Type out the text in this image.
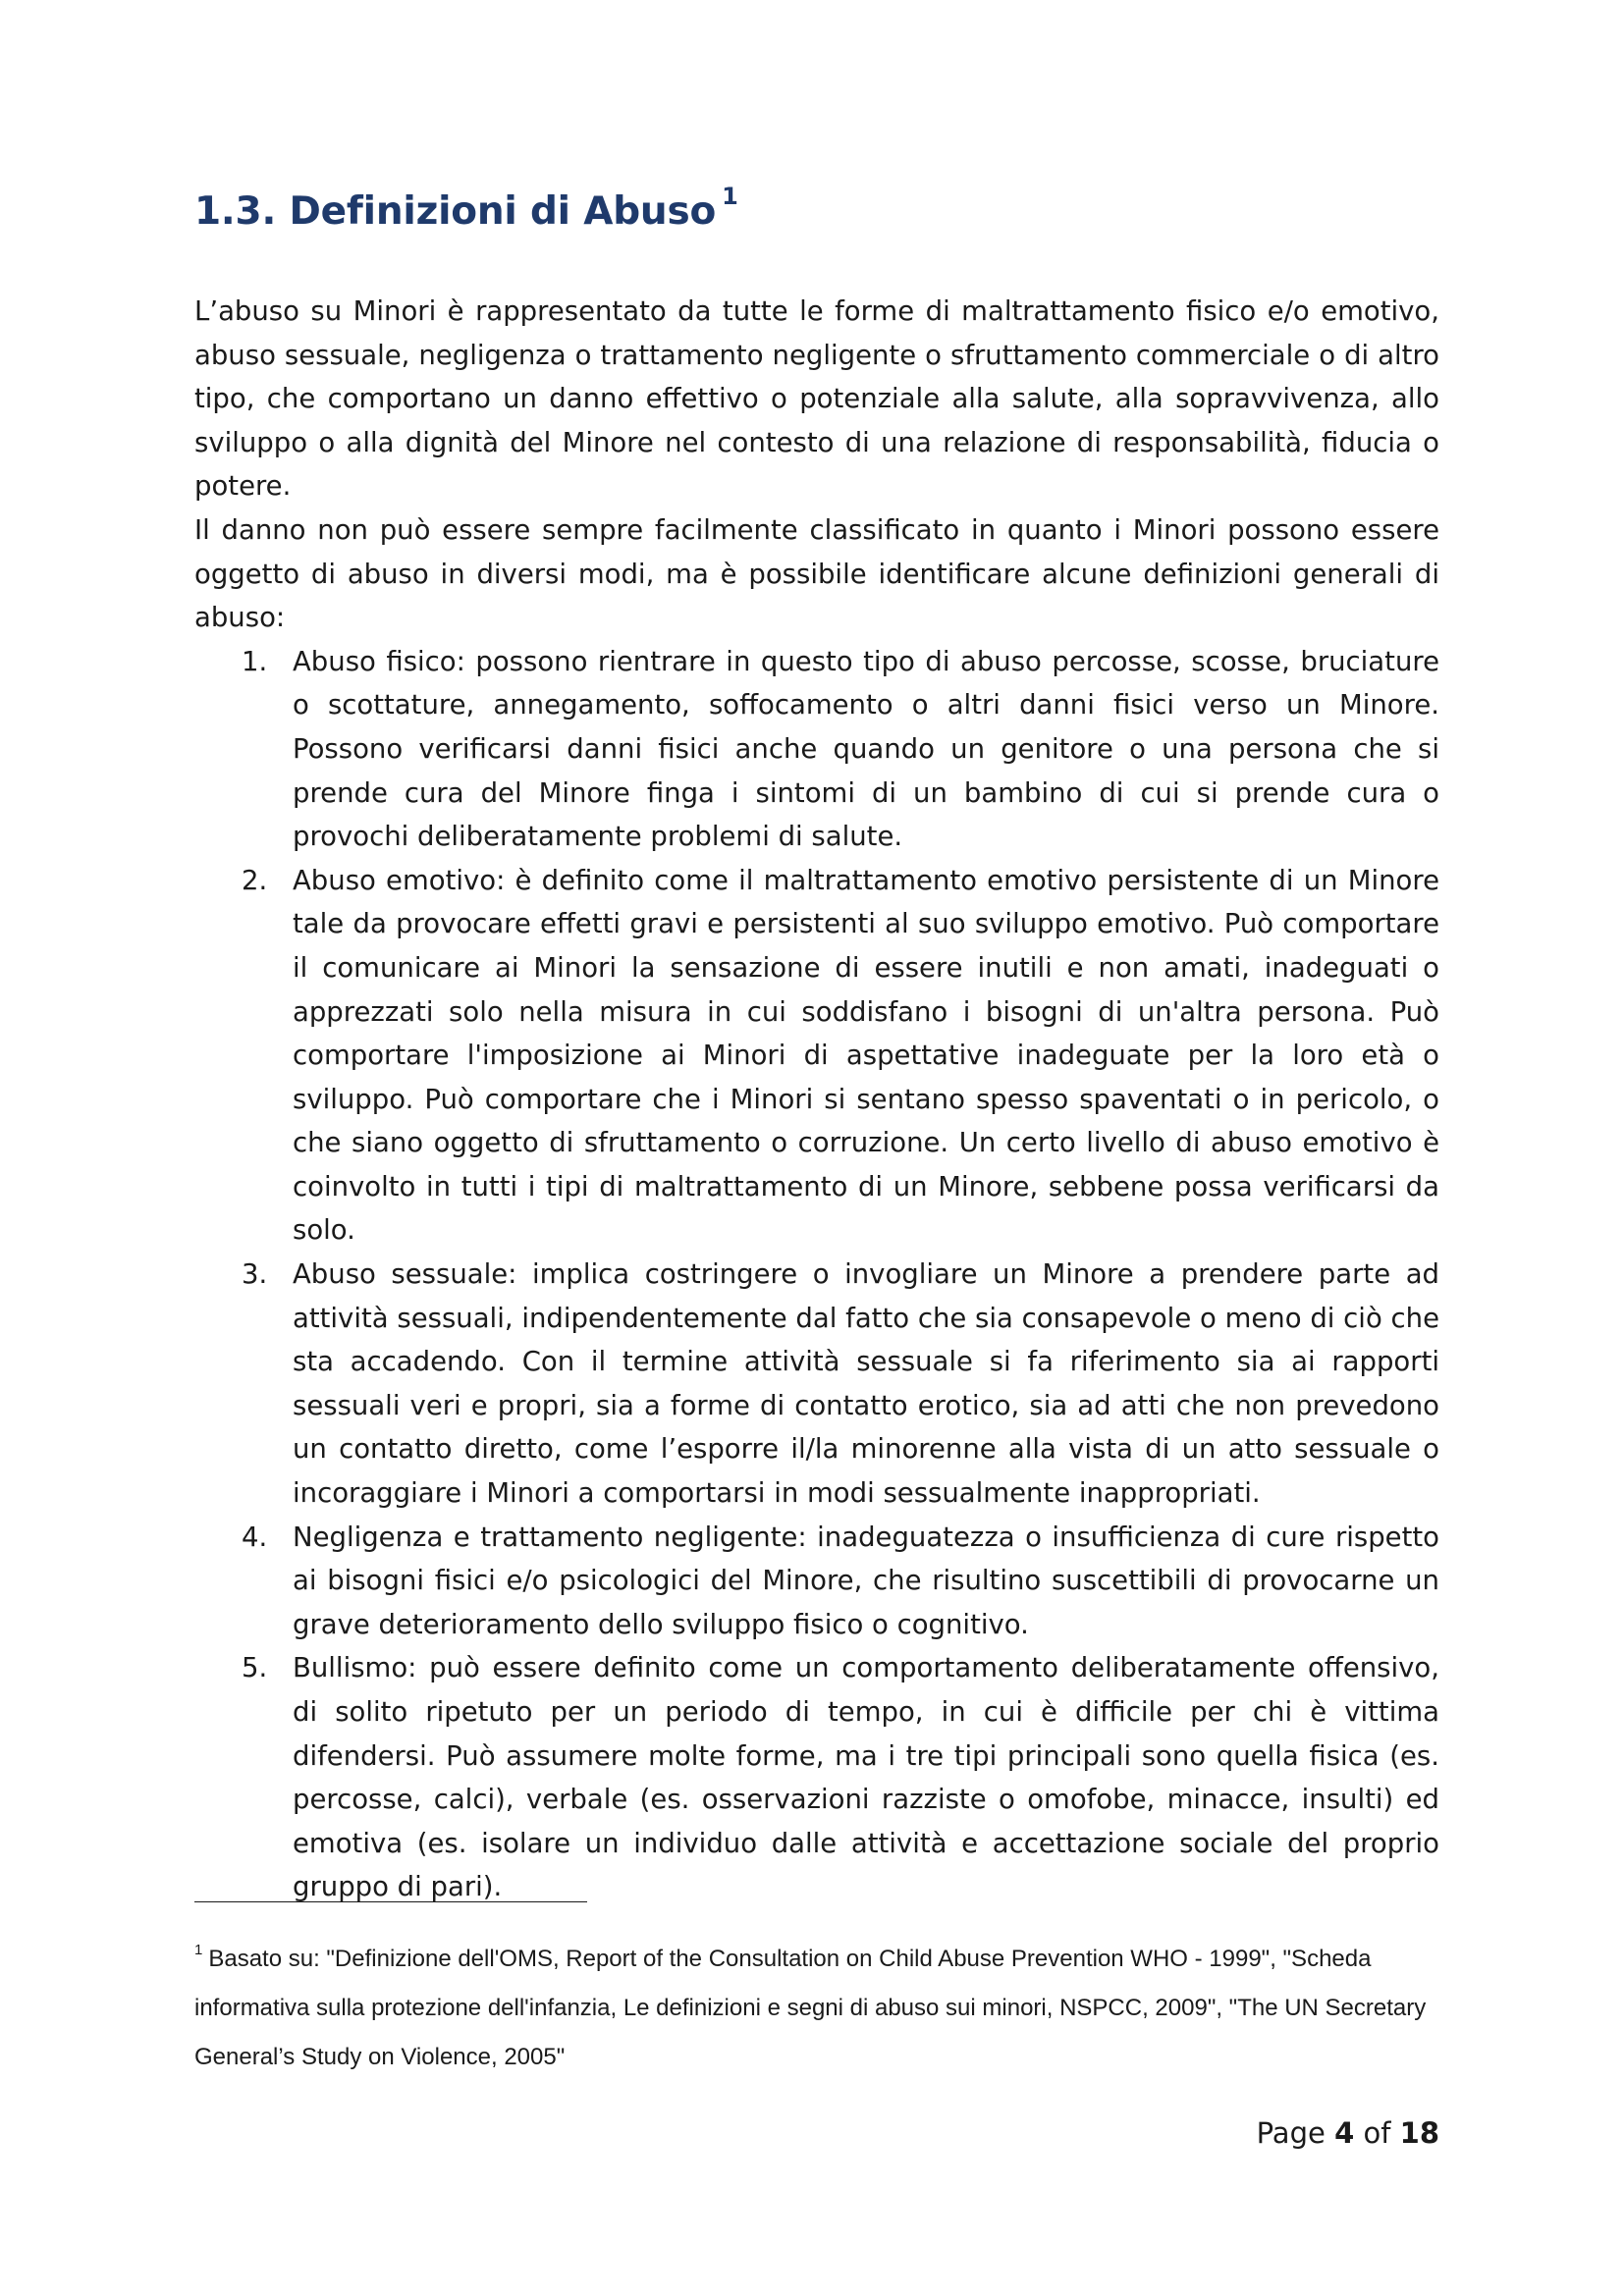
1.3. Definizioni di Abuso $^1$

L’abuso su Minori è rappresentato da tutte le forme di maltrattamento fisico e/o emotivo, abuso sessuale, negligenza o trattamento negligente o sfruttamento commerciale o di altro tipo, che comportano un danno effettivo o potenziale alla salute, alla sopravvivenza, allo sviluppo o alla dignità del Minore nel contesto di una relazione di responsabilità, fiducia o potere.

Il danno non può essere sempre facilmente classificato in quanto i Minori possono essere oggetto di abuso in diversi modi, ma è possibile identificare alcune definizioni generali di abuso:

1. Abuso fisico: possono rientrare in questo tipo di abuso percosse, scosse, bruciature o scottature, annegamento, soffocamento o altri danni fisici verso un Minore. Possono verificarsi danni fisici anche quando un genitore o una persona che si prende cura del Minore finga i sintomi di un bambino di cui si prende cura o provochi deliberatamente problemi di salute.
2. Abuso emotivo: è definito come il maltrattamento emotivo persistente di un Minore tale da provocare effetti gravi e persistenti al suo sviluppo emotivo. Può comportare il comunicare ai Minori la sensazione di essere inutili e non amati, inadeguati o apprezzati solo nella misura in cui soddisfano i bisogni di un'altra persona. Può comportare l'imposizione ai Minori di aspettative inadeguate per la loro età o sviluppo. Può comportare che i Minori si sentano spesso spaventati o in pericolo, o che siano oggetto di sfruttamento o corruzione. Un certo livello di abuso emotivo è coinvolto in tutti i tipi di maltrattamento di un Minore, sebbene possa verificarsi da solo.
3. Abuso sessuale: implica costringere o invogliare un Minore a prendere parte ad attività sessuali, indipendentemente dal fatto che sia consapevole o meno di ciò che sta accadendo. Con il termine attività sessuale si fa riferimento sia ai rapporti sessuali veri e propri, sia a forme di contatto erotico, sia ad atti che non prevedono un contatto diretto, come l’esporre il/la minorenne alla vista di un atto sessuale o incoraggiare i Minori a comportarsi in modi sessualmente inappropriati.
4. Negligenza e trattamento negligente: inadeguatezza o insufficienza di cure rispetto ai bisogni fisici e/o psicologici del Minore, che risultino suscettibili di provocarne un grave deterioramento dello sviluppo fisico o cognitivo.
5. Bullismo: può essere definito come un comportamento deliberatamente offensivo, di solito ripetuto per un periodo di tempo, in cui è difficile per chi è vittima difendersi. Può assumere molte forme, ma i tre tipi principali sono quella fisica (es. percosse, calci), verbale (es. osservazioni razziste o omofobe, minacce, insulti) ed emotiva (es. isolare un individuo dalle attività e accettazione sociale del proprio gruppo di pari).
$^1$ Basato su: "Definizione dell'OMS, Report of the Consultation on Child Abuse Prevention WHO - 1999", "Scheda informativa sulla protezione dell'infanzia, Le definizioni e segni di abuso sui minori, NSPCC, 2009", "The UN Secretary General’s Study on Violence, 2005"
Page 4 of 18
